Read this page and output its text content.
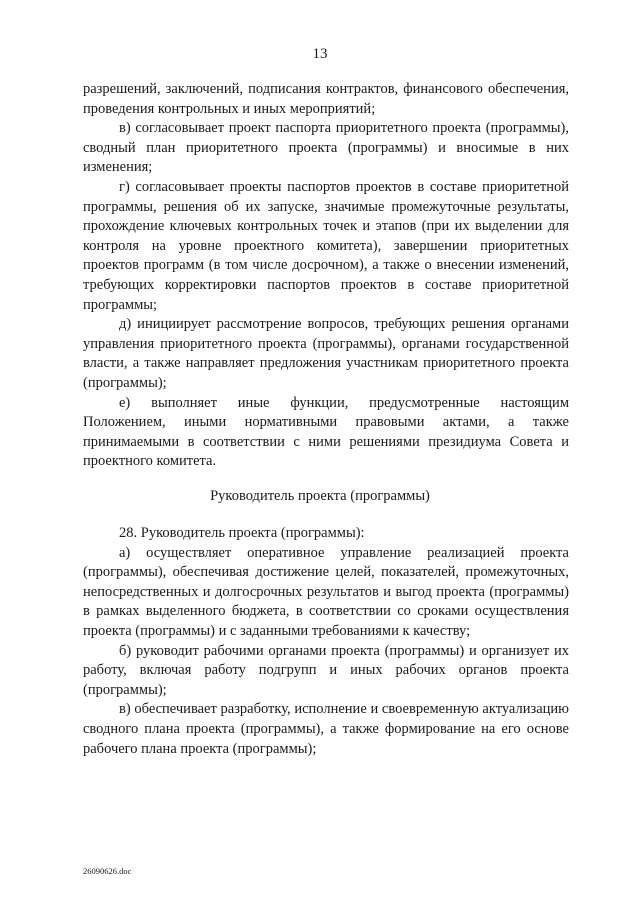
13

разрешений, заключений, подписания контрактов, финансового обеспечения, проведения контрольных и иных мероприятий;

в) согласовывает проект паспорта приоритетного проекта (программы), сводный план приоритетного проекта (программы) и вносимые в них изменения;

г) согласовывает проекты паспортов проектов в составе приоритетной программы, решения об их запуске, значимые промежуточные результаты, прохождение ключевых контрольных точек и этапов (при их выделении для контроля на уровне проектного комитета), завершении приоритетных проектов программ (в том числе досрочном), а также о внесении изменений, требующих корректировки паспортов проектов в составе приоритетной программы;

д) инициирует рассмотрение вопросов, требующих решения органами управления приоритетного проекта (программы), органами государственной власти, а также направляет предложения участникам приоритетного проекта (программы);

е) выполняет иные функции, предусмотренные настоящим Положением, иными нормативными правовыми актами, а также принимаемыми в соответствии с ними решениями президиума Совета и проектного комитета.

Руководитель проекта (программы)

28. Руководитель проекта (программы):

а) осуществляет оперативное управление реализацией проекта (программы), обеспечивая достижение целей, показателей, промежуточных, непосредственных и долгосрочных результатов и выгод проекта (программы) в рамках выделенного бюджета, в соответствии со сроками осуществления проекта (программы) и с заданными требованиями к качеству;

б) руководит рабочими органами проекта (программы) и организует их работу, включая работу подгрупп и иных рабочих органов проекта (программы);

в) обеспечивает разработку, исполнение и своевременную актуализацию сводного плана проекта (программы), а также формирование на его основе рабочего плана проекта (программы);

26090626.doc
